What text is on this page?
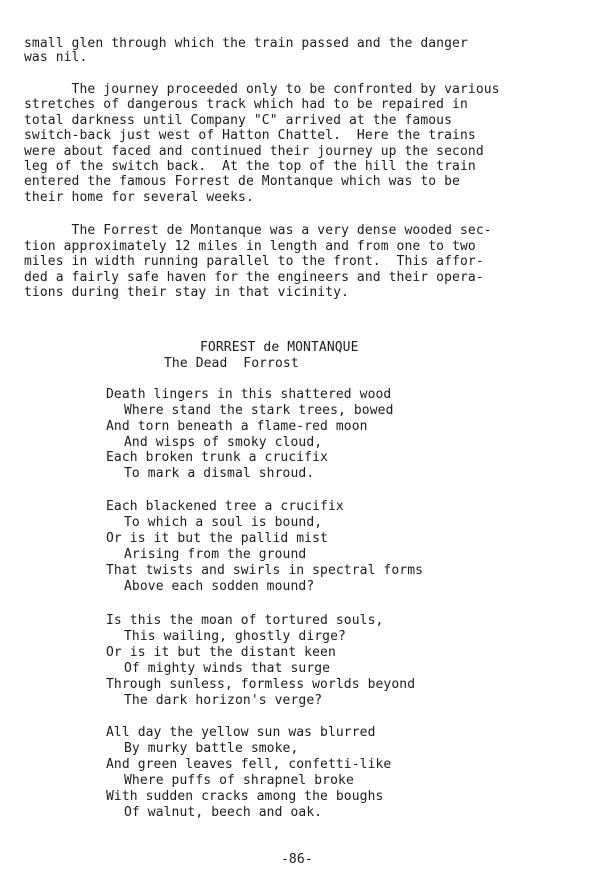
small glen through which the train passed and the danger
was nil.
The journey proceeded only to be confronted by various
stretches of dangerous track which had to be repaired in
total darkness until Company "C" arrived at the famous
switch-back just west of Hatton Chattel.  Here the trains
were about faced and continued their journey up the second
leg of the switch back.  At the top of the hill the train
entered the famous Forrest de Montanque which was to be
their home for several weeks.
The Forrest de Montanque was a very dense wooded sec-
tion approximately 12 miles in length and from one to two
miles in width running parallel to the front.  This affor-
ded a fairly safe haven for the engineers and their opera-
tions during their stay in that vicinity.
FORREST de MONTANQUE
The Dead  Forrost
Death lingers in this shattered wood
Where stand the stark trees, bowed
And torn beneath a flame-red moon
And wisps of smoky cloud,
Each broken trunk a crucifix
To mark a dismal shroud.
Each blackened tree a crucifix
To which a soul is bound,
Or is it but the pallid mist
Arising from the ground
That twists and swirls in spectral forms
Above each sodden mound?
Is this the moan of tortured souls,
This wailing, ghostly dirge?
Or is it but the distant keen
Of mighty winds that surge
Through sunless, formless worlds beyond
The dark horizon's verge?
All day the yellow sun was blurred
By murky battle smoke,
And green leaves fell, confetti-like
Where puffs of shrapnel broke
With sudden cracks among the boughs
Of walnut, beech and oak.
-86-
